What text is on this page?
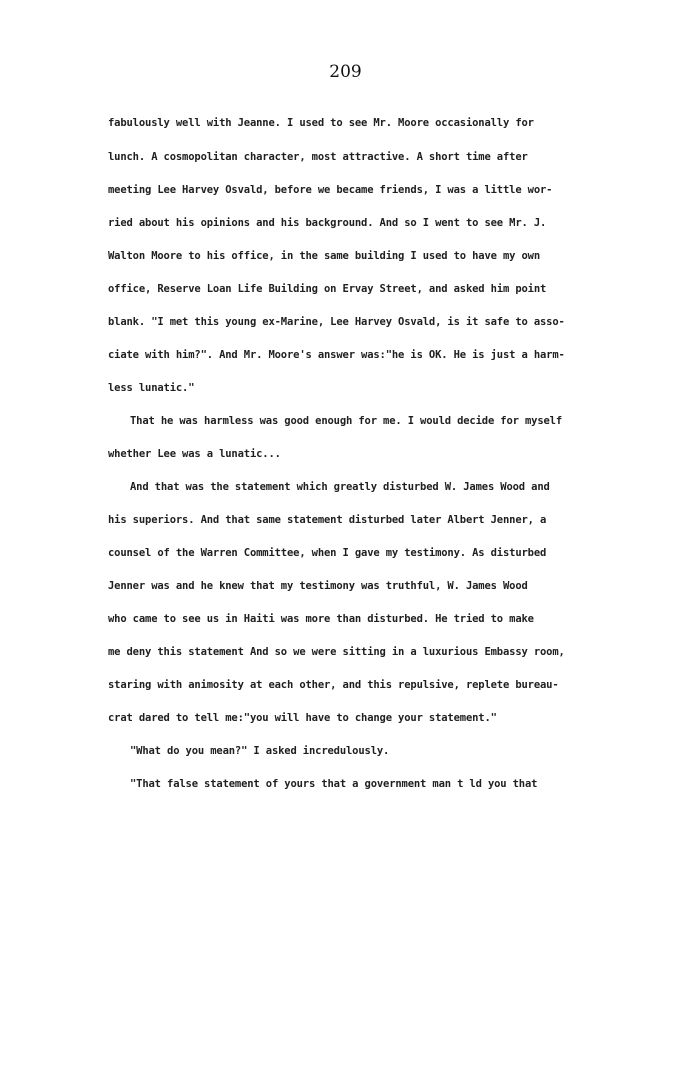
209
fabulously well with Jeanne. I used to see Mr. Moore occasionally for
lunch. A cosmopolitan character, most attractive. A short time after
meeting Lee Harvey Osvald, before we became friends, I was a little wor-
ried about his opinions and his background. And so I went to see Mr. J.
Walton Moore to his office, in the same building I used to have my own
office, Reserve Loan Life Building on Ervay Street, and asked him point
blank. "I met this young ex-Marine, Lee Harvey Osvald, is it safe to asso-
ciate with him?". And Mr. Moore's answer was:"he is OK. He is just a harm-
less lunatic."
That he was harmless was good enough for me. I would decide for myself
whether Lee was a lunatic...
And that was the statement which greatly disturbed W. James Wood and
his superiors. And that same statement disturbed later Albert Jenner, a
counsel of the Warren Committee, when I gave my testimony. As disturbed
Jenner was and he knew that my testimony was truthful, W. James Wood
who came to see us in Haiti was more than disturbed. He tried to make
me deny this statement And so we were sitting in a luxurious Embassy room,
staring with animosity at each other, and this repulsive, replete bureau-
crat dared to tell me:"you will have to change your statement."
"What do you mean?" I asked incredulously.
"That false statement of yours that a government man t ld you that
